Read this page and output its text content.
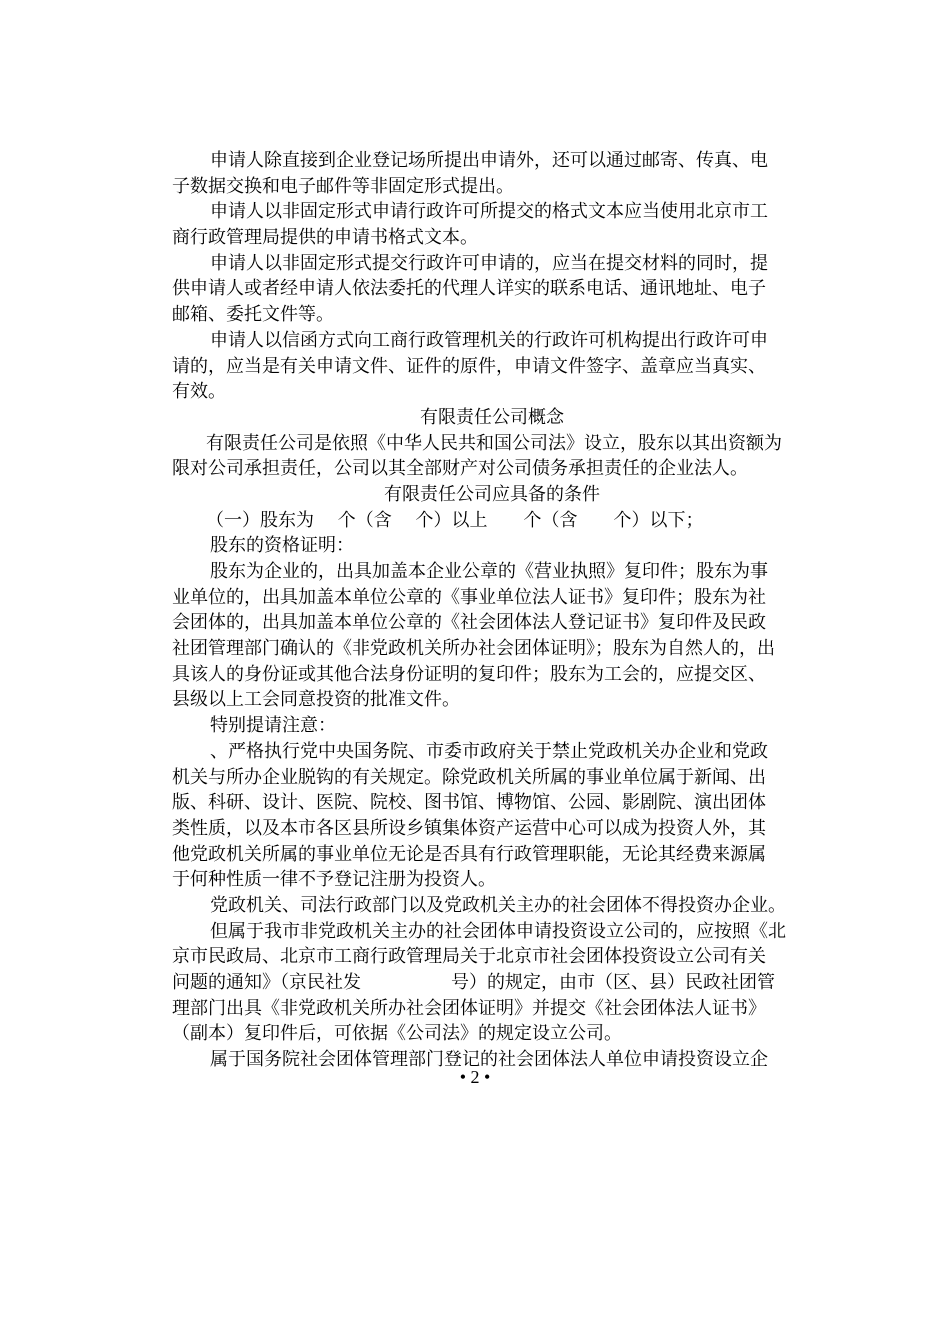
申请人除直接到企业登记场所提出申请外，还可以通过邮寄、传真、电
子数据交换和电子邮件等非固定形式提出。
申请人以非固定形式申请行政许可所提交的格式文本应当使用北京市工
商行政管理局提供的申请书格式文本。
申请人以非固定形式提交行政许可申请的，应当在提交材料的同时，提
供申请人或者经申请人依法委托的代理人详实的联系电话、通讯地址、电子
邮箱、委托文件等。
申请人以信函方式向工商行政管理机关的行政许可机构提出行政许可申
请的，应当是有关申请文件、证件的原件，申请文件签字、盖章应当真实、
有效。
有限责任公司概念
有限责任公司是依照《中华人民共和国公司法》设立，股东以其出资额为
限对公司承担责任，公司以其全部财产对公司债务承担责任的企业法人。
有限责任公司应具备的条件
（一）股东为　 个（含　 个）以上　　个（含　　个）以下；
股东的资格证明：
股东为企业的，出具加盖本企业公章的《营业执照》复印件；股东为事
业单位的，出具加盖本单位公章的《事业单位法人证书》复印件；股东为社
会团体的，出具加盖本单位公章的《社会团体法人登记证书》复印件及民政
社团管理部门确认的《非党政机关所办社会团体证明》；股东为自然人的，出
具该人的身份证或其他合法身份证明的复印件；股东为工会的，应提交区、
县级以上工会同意投资的批准文件。
特别提请注意：
、严格执行党中央国务院、市委市政府关于禁止党政机关办企业和党政
机关与所办企业脱钩的有关规定。除党政机关所属的事业单位属于新闻、出
版、科研、设计、医院、院校、图书馆、博物馆、公园、影剧院、演出团体
类性质，以及本市各区县所设乡镇集体资产运营中心可以成为投资人外，其
他党政机关所属的事业单位无论是否具有行政管理职能，无论其经费来源属
于何种性质一律不予登记注册为投资人。
党政机关、司法行政部门以及党政机关主办的社会团体不得投资办企业。
但属于我市非党政机关主办的社会团体申请投资设立公司的，应按照《北
京市民政局、北京市工商行政管理局关于北京市社会团体投资设立公司有关
问题的通知》（京民社发　　　　　号）的规定，由市（区、县）民政社团管
理部门出具《非党政机关所办社会团体证明》并提交《社会团体法人证书》
（副本）复印件后，可依据《公司法》的规定设立公司。
属于国务院社会团体管理部门登记的社会团体法人单位申请投资设立企
• 2 •
